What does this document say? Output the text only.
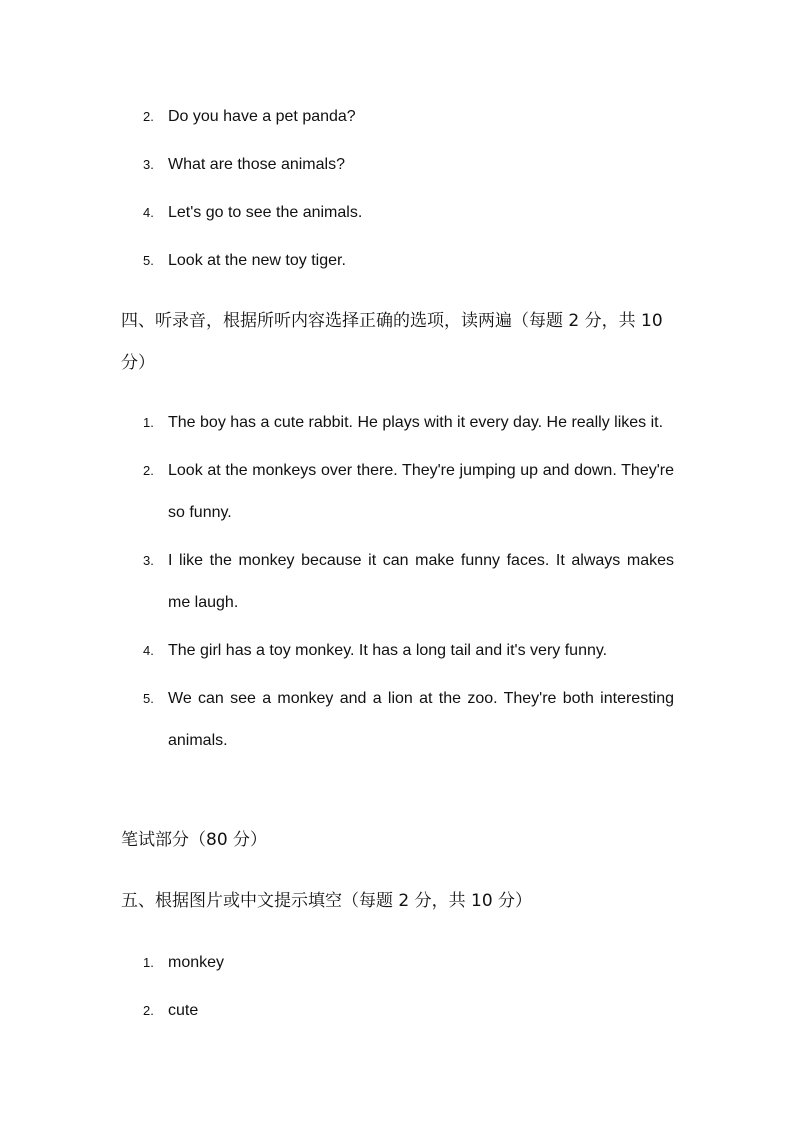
2. Do you have a pet panda?
3. What are those animals?
4. Let's go to see the animals.
5. Look at the new toy tiger.
四、听录音，根据所听内容选择正确的选项，读两遍（每题 2 分，共 10 分）
1. The boy has a cute rabbit. He plays with it every day. He really likes it.
2. Look at the monkeys over there. They're jumping up and down. They're so funny.
3. I like the monkey because it can make funny faces. It always makes me laugh.
4. The girl has a toy monkey. It has a long tail and it's very funny.
5. We can see a monkey and a lion at the zoo. They're both interesting animals.
笔试部分（80 分）
五、根据图片或中文提示填空（每题 2 分，共 10 分）
1. monkey
2. cute
